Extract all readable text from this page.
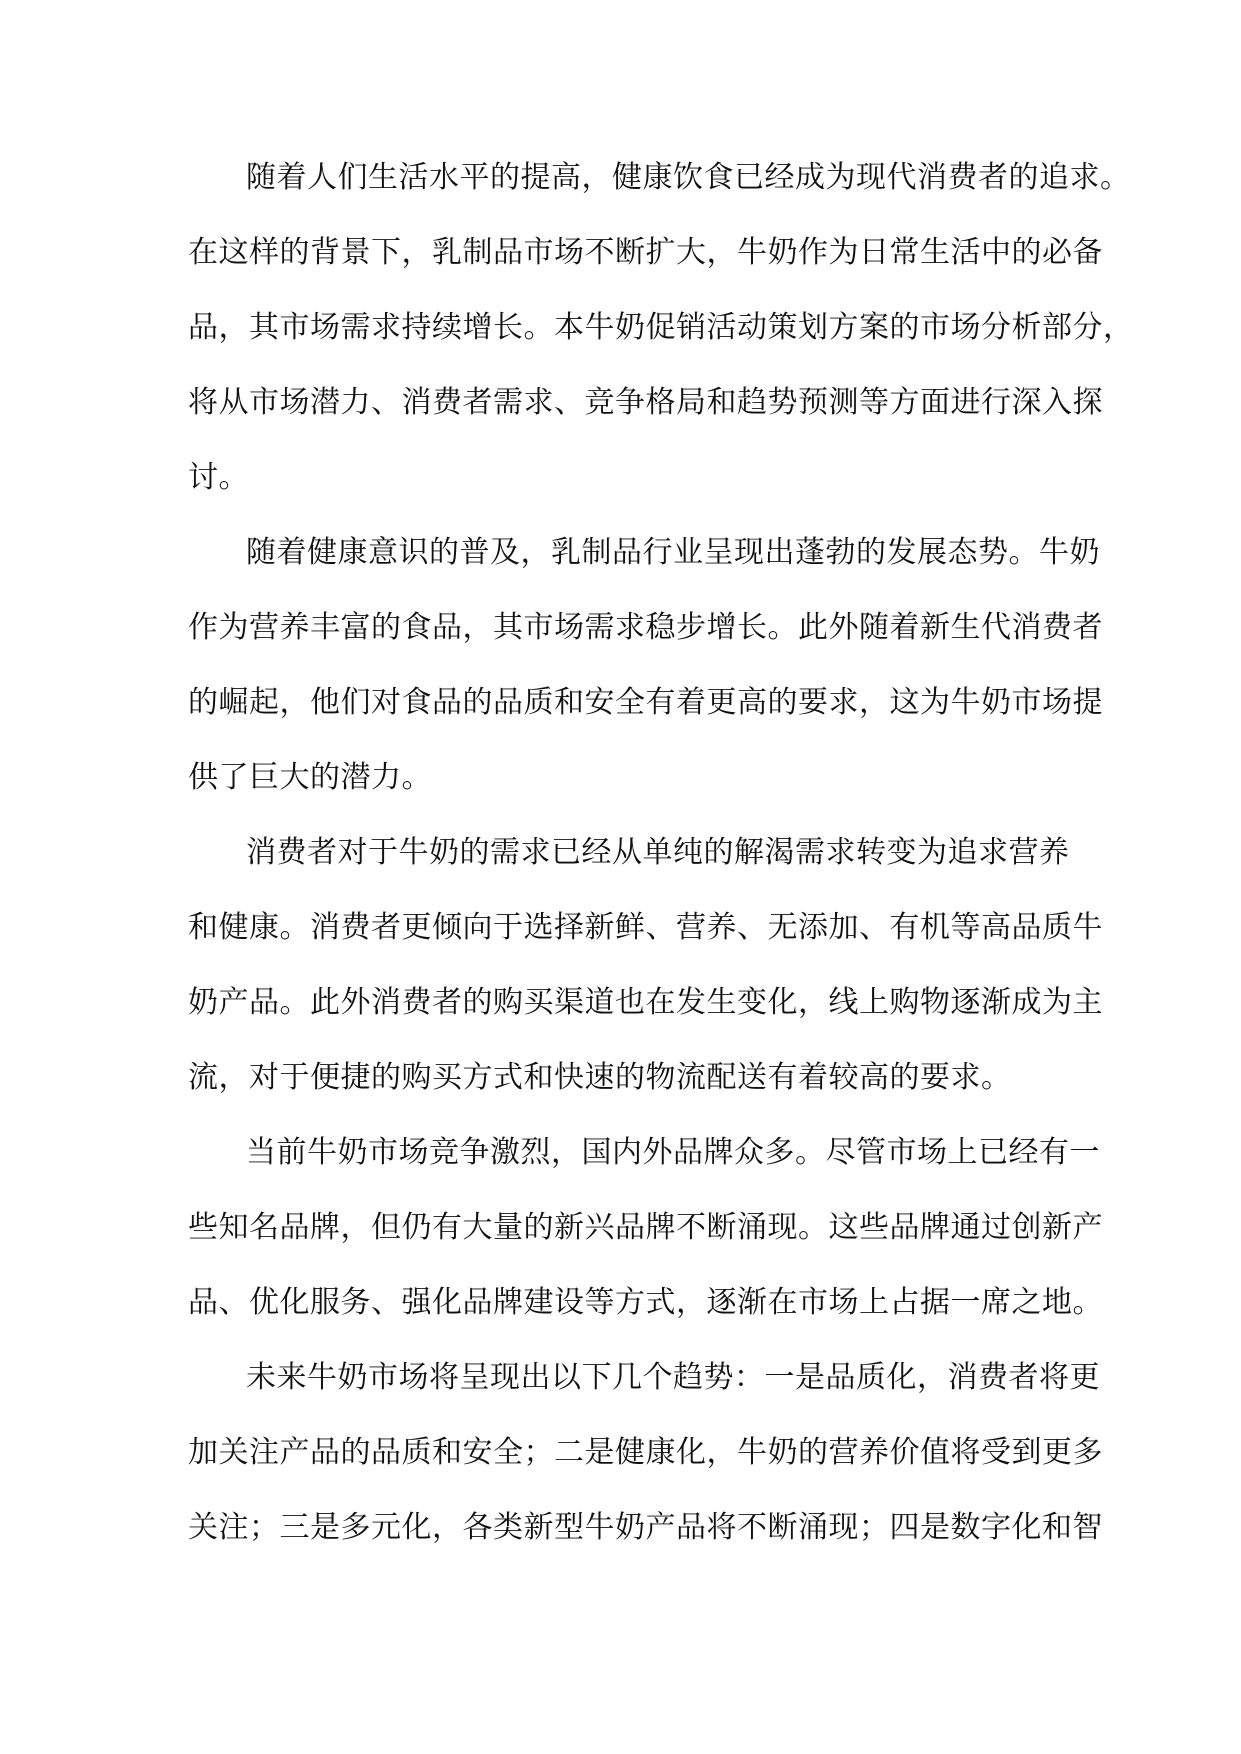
随着人们生活水平的提高，健康饮食已经成为现代消费者的追求。
在这样的背景下，乳制品市场不断扩大，牛奶作为日常生活中的必备
品，其市场需求持续增长。本牛奶促销活动策划方案的市场分析部分，
将从市场潜力、消费者需求、竞争格局和趋势预测等方面进行深入探
讨。
随着健康意识的普及，乳制品行业呈现出蓬勃的发展态势。牛奶
作为营养丰富的食品，其市场需求稳步增长。此外随着新生代消费者
的崛起，他们对食品的品质和安全有着更高的要求，这为牛奶市场提
供了巨大的潜力。
消费者对于牛奶的需求已经从单纯的解渴需求转变为追求营养
和健康。消费者更倾向于选择新鲜、营养、无添加、有机等高品质牛
奶产品。此外消费者的购买渠道也在发生变化，线上购物逐渐成为主
流，对于便捷的购买方式和快速的物流配送有着较高的要求。
当前牛奶市场竞争激烈，国内外品牌众多。尽管市场上已经有一
些知名品牌，但仍有大量的新兴品牌不断涌现。这些品牌通过创新产
品、优化服务、强化品牌建设等方式，逐渐在市场上占据一席之地。
未来牛奶市场将呈现出以下几个趋势：一是品质化，消费者将更
加关注产品的品质和安全；二是健康化，牛奶的营养价值将受到更多
关注；三是多元化，各类新型牛奶产品将不断涌现；四是数字化和智
